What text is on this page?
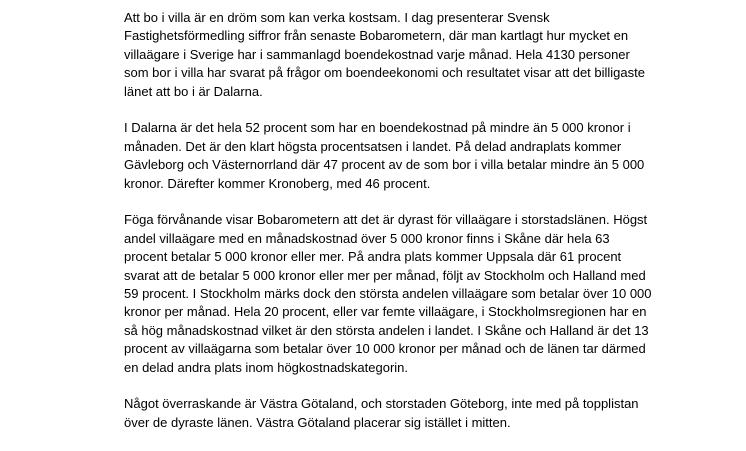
Att bo i villa är en dröm som kan verka kostsam. I dag presenterar Svensk
Fastighetsförmedling siffror från senaste Bobarometern, där man kartlagt hur mycket en
villaägare i Sverige har i sammanlagd boendekostnad varje månad. Hela 4130 personer
som bor i villa har svarat på frågor om boendeekonomi och resultatet visar att det billigaste
länet att bo i är Dalarna.

I Dalarna är det hela 52 procent som har en boendekostnad på mindre än 5 000 kronor i
månaden. Det är den klart högsta procentsatsen i landet. På delad andraplats kommer
Gävleborg och Västernorrland där 47 procent av de som bor i villa betalar mindre än 5 000
kronor. Därefter kommer Kronoberg, med 46 procent.

Föga förvånande visar Bobarometern att det är dyrast för villaägare i storstadslänen. Högst
andel villaägare med en månadskostnad över 5 000 kronor finns i Skåne där hela 63
procent betalar 5 000 kronor eller mer. På andra plats kommer Uppsala där 61 procent
svarat att de betalar 5 000 kronor eller mer per månad, följt av Stockholm och Halland med
59 procent. I Stockholm märks dock den största andelen villaägare som betalar över 10 000
kronor per månad. Hela 20 procent, eller var femte villaägare, i Stockholmsregionen har en
så hög månadskostnad vilket är den största andelen i landet. I Skåne och Halland är det 13
procent av villaägarna som betalar över 10 000 kronor per månad och de länen tar därmed
en delad andra plats inom högkostnadskategorin.

Något överraskande är Västra Götaland, och storstaden Göteborg, inte med på topplistan
över de dyraste länen. Västra Götaland placerar sig istället i mitten.
